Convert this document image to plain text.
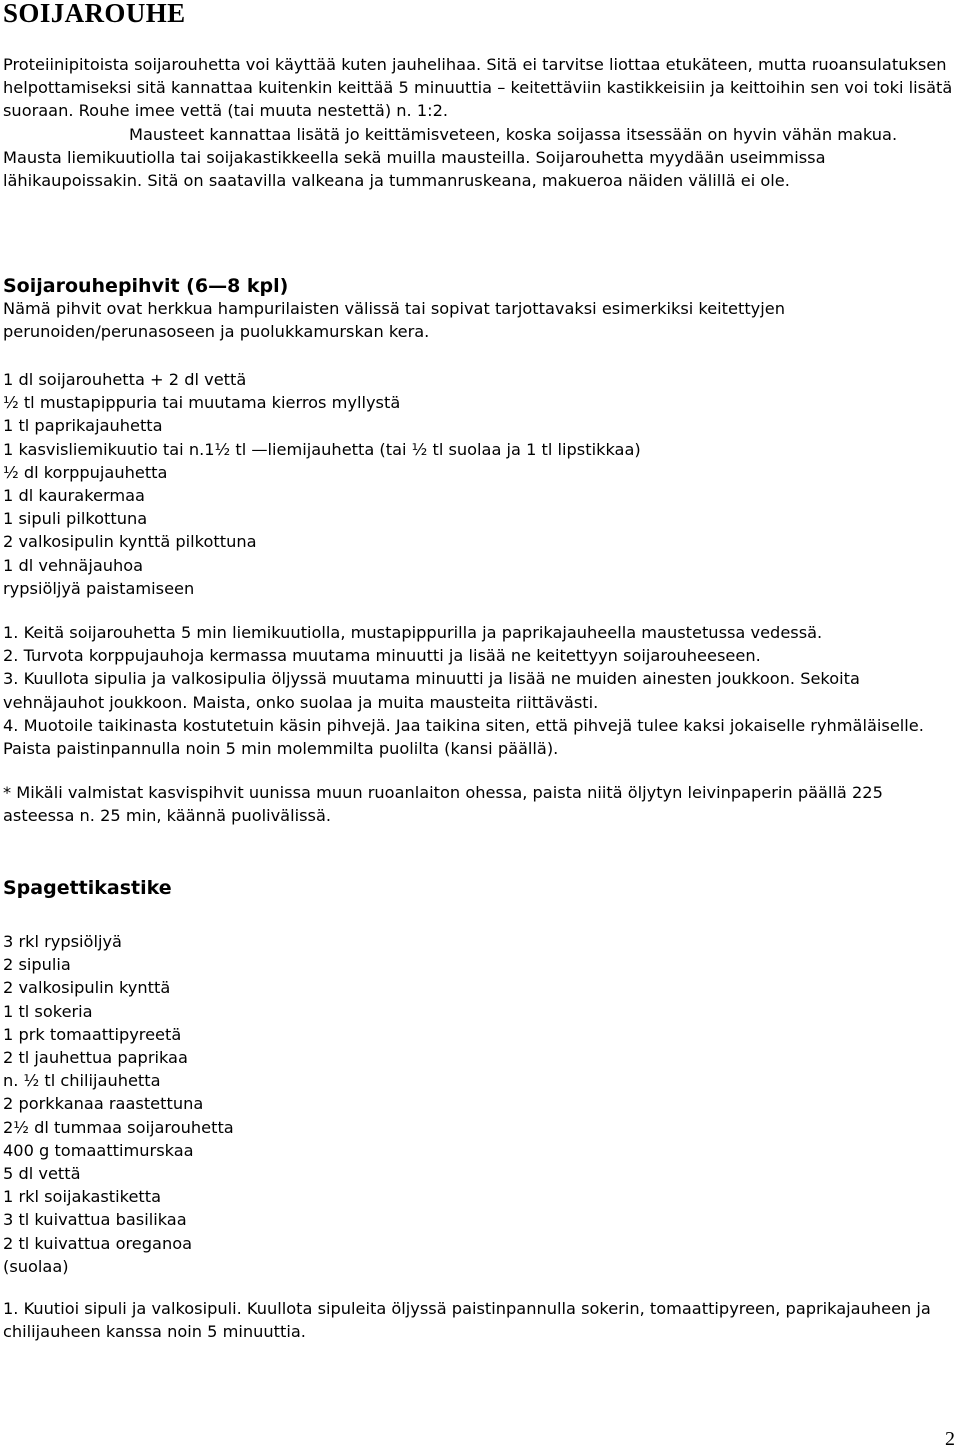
SOIJAROUHE
Proteiinipitoista soijarouhetta voi käyttää kuten jauhelihaa. Sitä ei tarvitse liottaa etukäteen, mutta ruoansulatuksen helpottamiseksi sitä kannattaa kuitenkin keittää 5 minuuttia – keitettäviin kastikkeisiin ja keittoihin sen voi toki lisätä suoraan. Rouhe imee vettä (tai muuta nestettä) n. 1:2.
Mausteet kannattaa lisätä jo keittämisveteen, koska soijassa itsessään on hyvin vähän makua. Mausta liemikuutiolla tai soijakastikkeella sekä muilla mausteilla. Soijarouhetta myydään useimmissa lähikaupoissakin. Sitä on saatavilla valkeana ja tummanruskeana, makueroa näiden välillä ei ole.
Soijarouhepihvit (6—8 kpl)
Nämä pihvit ovat herkkua hampurilaisten välissä tai sopivat tarjottavaksi esimerkiksi keitettyjen perunoiden/perunasoseen ja puolukkamurskan kera.
1 dl soijarouhetta + 2 dl vettä
½ tl mustapippuria tai muutama kierros myllystä
1 tl paprikajauhetta
1 kasvisliemikuutio tai n.1½ tl —liemijauhetta (tai ½ tl suolaa ja 1 tl lipstikkaa)
½ dl korppujauhetta
1 dl kaurakermaa
1 sipuli pilkottuna
2 valkosipulin kynttä pilkottuna
1 dl vehnäjauhoa
rypsiöljyä paistamiseen
1. Keitä soijarouhetta 5 min liemikuutiolla, mustapippurilla ja paprikajauheella maustetussa vedessä.
2. Turvota korppujauhoja kermassa muutama minuutti ja lisää ne keitettyyn soijarouheeseen.
3. Kuullota sipulia ja valkosipulia öljyssä muutama minuutti ja lisää ne muiden ainesten joukkoon. Sekoita vehnäjauhot joukkoon. Maista, onko suolaa ja muita mausteita riittävästi.
4. Muotoile taikinasta kostutetuin käsin pihvejä. Jaa taikina siten, että pihvejä tulee kaksi jokaiselle ryhmäläiselle. Paista paistinpannulla noin 5 min molemmilta puolilta (kansi päällä).
* Mikäli valmistat kasvispihvit uunissa muun ruoanlaiton ohessa, paista niitä öljytyn leivinpaperin päällä 225 asteessa n. 25 min, käännä puolivälissä.
Spagettikastike
3 rkl rypsiöljyä
2 sipulia
2 valkosipulin kynttä
1 tl sokeria
1 prk tomaattipyreetä
2 tl jauhettua paprikaa
n. ½ tl chilijauhetta
2 porkkanaa raastettuna
2½ dl tummaa soijarouhetta
400 g tomaattimurskaa
5 dl vettä
1 rkl soijakastiketta
3 tl kuivattua basilikaa
2 tl kuivattua oreganoa
(suolaa)
1. Kuutioi sipuli ja valkosipuli. Kuullota sipuleita öljyssä paistinpannulla sokerin, tomaattipyreen, paprikajauheen ja chilijauheen kanssa noin 5 minuuttia.
2
